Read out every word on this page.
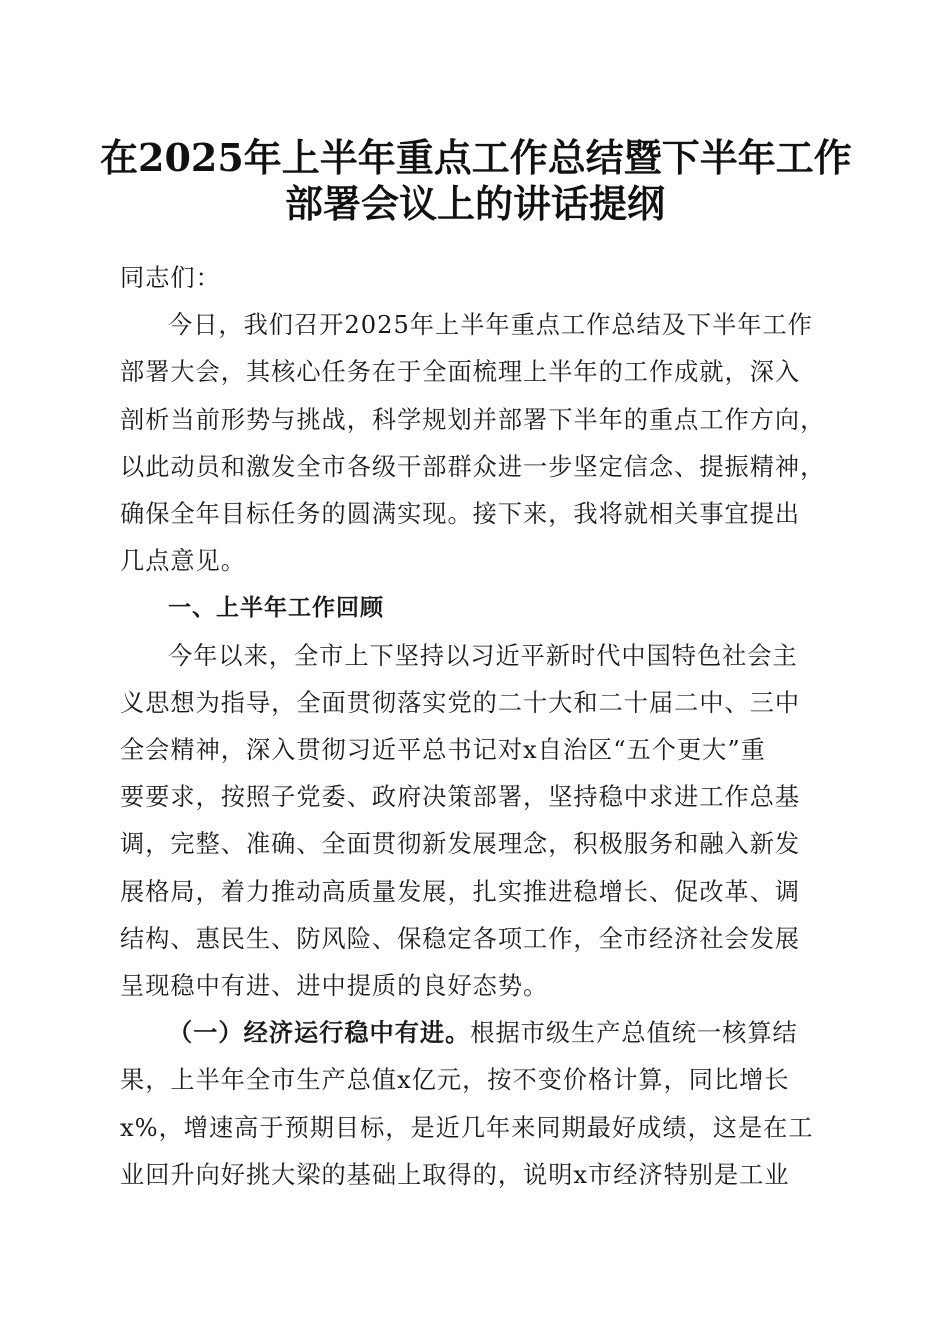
在2025年上半年重点工作总结暨下半年工作
部署会议上的讲话提纲

同志们：

今日，我们召开2025年上半年重点工作总结及下半年工作
部署大会，其核心任务在于全面梳理上半年的工作成就，深入
剖析当前形势与挑战，科学规划并部署下半年的重点工作方向，
以此动员和激发全市各级干部群众进一步坚定信念、提振精神，
确保全年目标任务的圆满实现。接下来，我将就相关事宜提出
几点意见。

一、上半年工作回顾

今年以来，全市上下坚持以习近平新时代中国特色社会主
义思想为指导，全面贯彻落实党的二十大和二十届二中、三中
全会精神，深入贯彻习近平总书记对x自治区“五个更大”重
要要求，按照子党委、政府决策部署，坚持稳中求进工作总基
调，完整、准确、全面贯彻新发展理念，积极服务和融入新发
展格局，着力推动高质量发展，扎实推进稳增长、促改革、调
结构、惠民生、防风险、保稳定各项工作，全市经济社会发展
呈现稳中有进、进中提质的良好态势。

（一）经济运行稳中有进。根据市级生产总值统一核算结
果，上半年全市生产总值x亿元，按不变价格计算，同比增长
x%，增速高于预期目标，是近几年来同期最好成绩，这是在工
业回升向好挑大梁的基础上取得的，说明x市经济特别是工业
